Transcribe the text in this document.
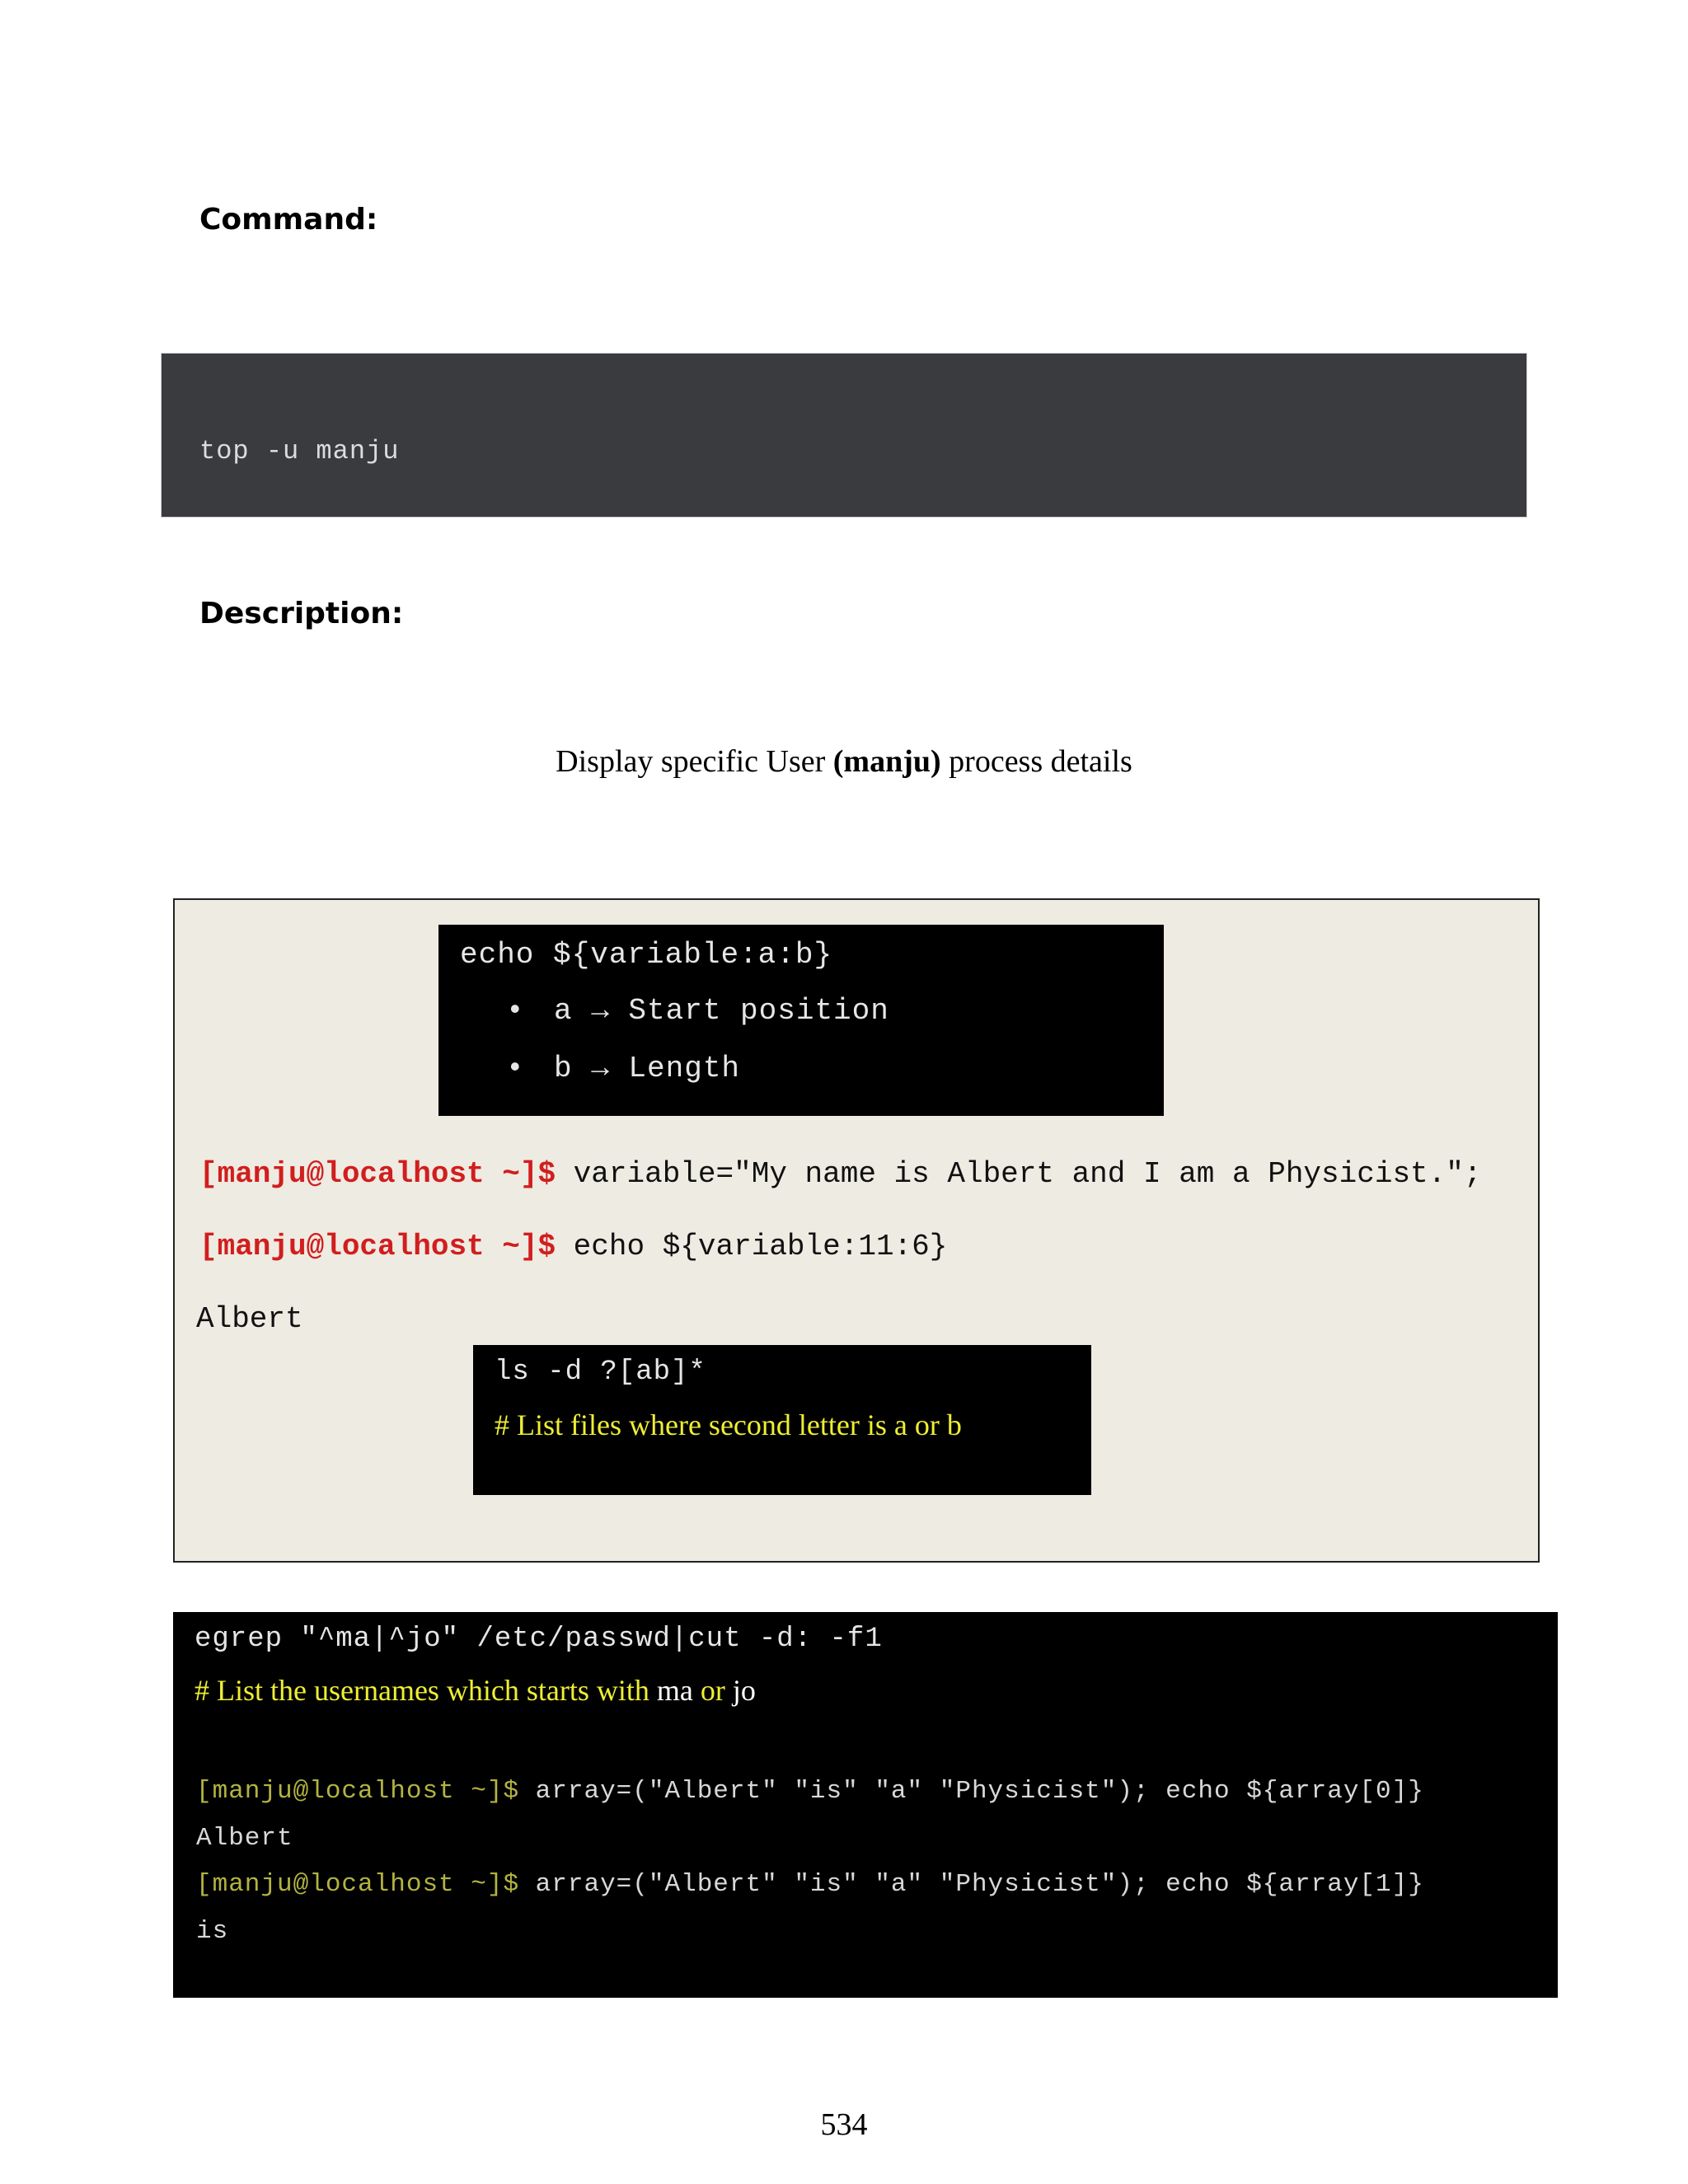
Command:
top -u manju
Description:
Display specific User (manju) process details
echo ${variable:a:b}
• a → Start position
• b → Length
[manju@localhost ~]$ variable="My name is Albert and I am a Physicist.";
[manju@localhost ~]$ echo ${variable:11:6}
Albert
ls -d ?[ab]*
# List files where second letter is a or b
egrep "^ma|^jo" /etc/passwd|cut -d: -f1
# List the usernames which starts with ma or jo
[manju@localhost ~]$ array=("Albert" "is" "a" "Physicist"); echo ${array[0]}
Albert
[manju@localhost ~]$ array=("Albert" "is" "a" "Physicist"); echo ${array[1]}
is
534
